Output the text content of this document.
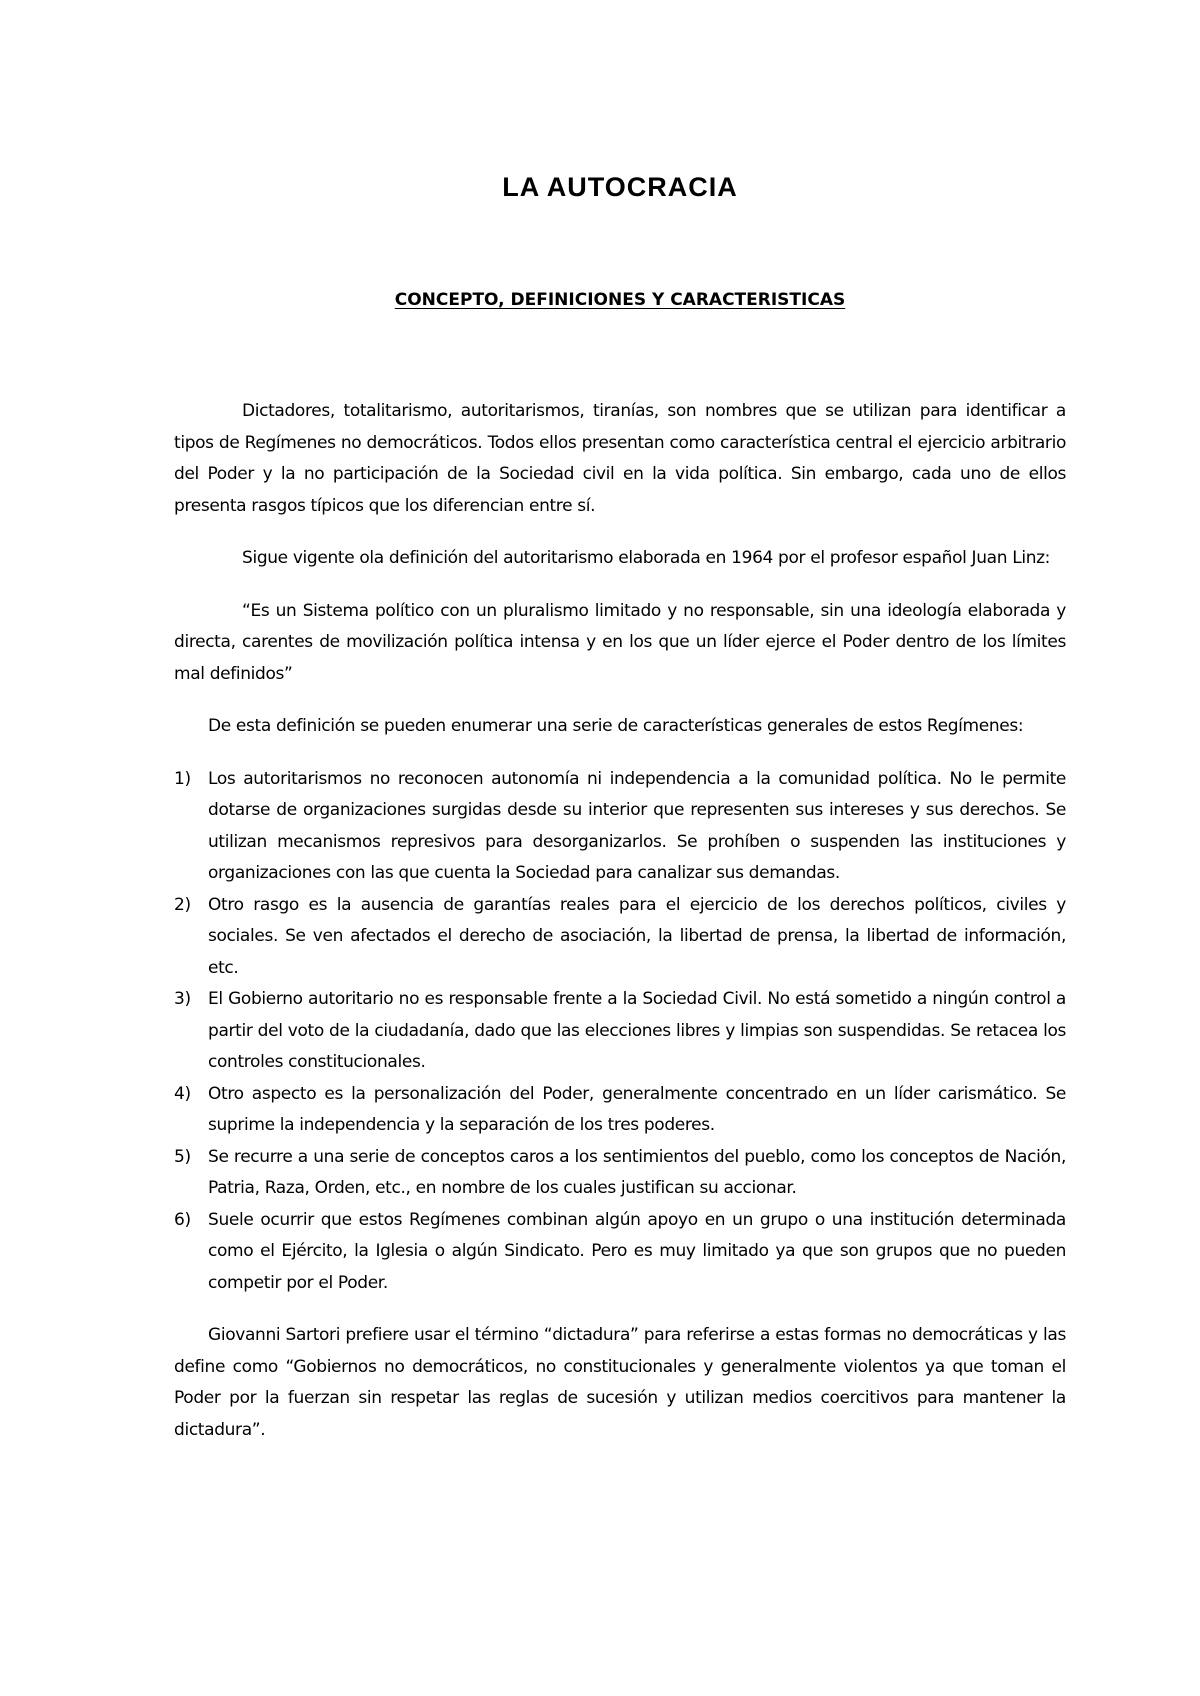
LA AUTOCRACIA
CONCEPTO, DEFINICIONES Y CARACTERISTICAS

Dictadores, totalitarismo, autoritarismos, tiranías, son nombres que se utilizan para identificar a tipos de Regímenes no democráticos. Todos ellos presentan como característica central el ejercicio arbitrario del Poder y la no participación de la Sociedad civil en la vida política. Sin embargo, cada uno de ellos presenta rasgos típicos que los diferencian entre sí.

Sigue vigente ola definición del autoritarismo elaborada en 1964 por el profesor español Juan Linz:

“Es un Sistema político con un pluralismo limitado y no responsable, sin una ideología elaborada y directa, carentes de movilización política intensa y en los que un líder ejerce el Poder dentro de los límites mal definidos”

De esta definición se pueden enumerar una serie de características generales de estos Regímenes:

1)	Los autoritarismos no reconocen autonomía ni independencia a la comunidad política. No le permite dotarse de organizaciones surgidas desde su interior que representen sus intereses y sus derechos. Se utilizan mecanismos represivos para desorganizarlos. Se prohíben o suspenden las instituciones y organizaciones con las que cuenta la Sociedad para canalizar sus demandas.
2)	Otro rasgo es la ausencia de garantías reales para el ejercicio de los derechos políticos, civiles y sociales. Se ven afectados el derecho de asociación, la libertad de prensa, la libertad de información, etc.
3)	El Gobierno autoritario no es responsable frente a la Sociedad Civil. No está sometido a ningún control a partir del voto de la ciudadanía, dado que las elecciones libres y limpias son suspendidas. Se retacea los controles constitucionales.
4)	Otro aspecto es la personalización del Poder, generalmente concentrado en un líder carismático. Se suprime la independencia y la separación de los tres poderes.
5)	Se recurre a una serie de conceptos caros a los sentimientos del pueblo, como los conceptos de Nación, Patria, Raza, Orden, etc., en nombre de los cuales justifican su accionar.
6)	Suele ocurrir que estos Regímenes combinan algún apoyo en un grupo o una institución determinada como el Ejército, la Iglesia o algún Sindicato. Pero es muy limitado ya que son grupos que no pueden competir por el Poder.

Giovanni Sartori prefiere usar el término “dictadura” para referirse a estas formas no democráticas y las define como “Gobiernos no democráticos, no constitucionales y generalmente violentos ya que toman el Poder por la fuerzan sin respetar las reglas de sucesión y utilizan medios coercitivos para mantener la dictadura”.
